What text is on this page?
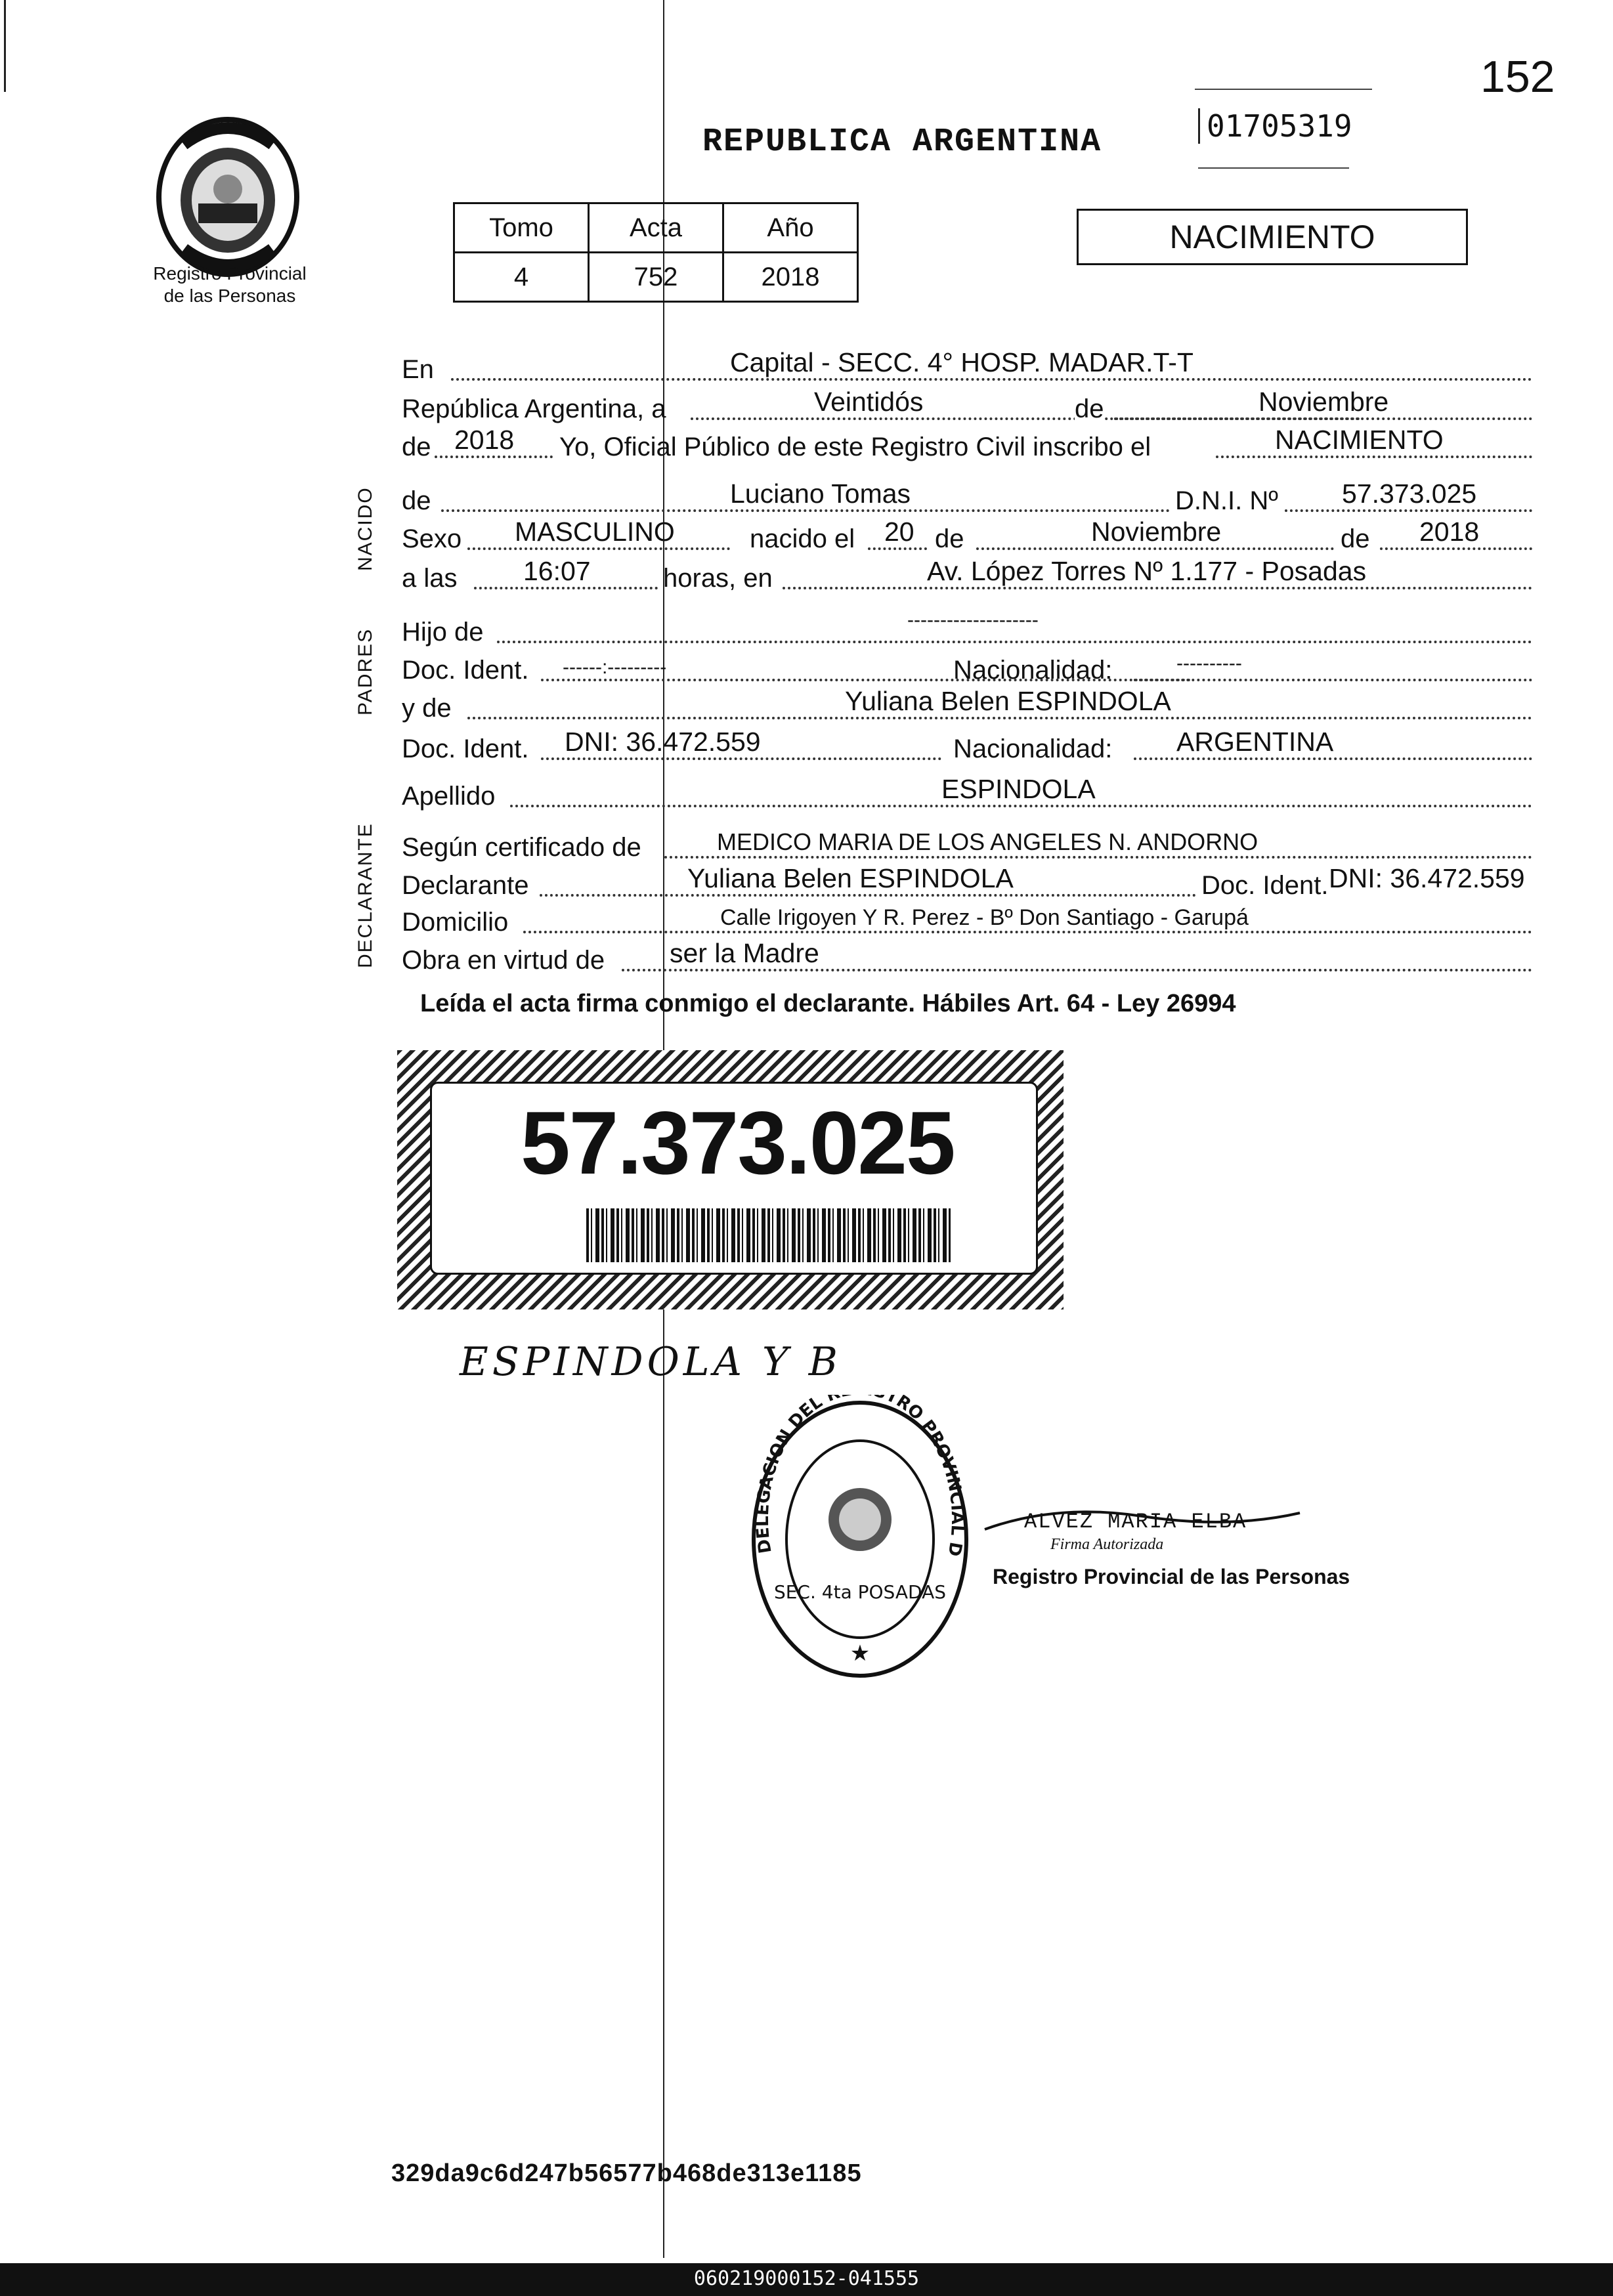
152
Registro Provincial
de las Personas
REPUBLICA ARGENTINA	01705319
Tomo	Acta	Año
4	752	2018
NACIMIENTO
En	Capital - SECC. 4° HOSP. MADAR.T-T
República Argentina, a	Veintidós	de	Noviembre
de 2018 Yo, Oficial Público de este Registro Civil inscribo el	NACIMIENTO
de	Luciano Tomas	D.N.I. Nº 57.373.025
Sexo MASCULINO	nacido el 20 de	Noviembre	de 2018
a las 16:07	horas, en	Av. López Torres Nº 1.177 - Posadas
Hijo de	--------------------
Doc. Ident. ------:---------	Nacionalidad:	----------
y de	Yuliana Belen ESPINDOLA
Doc. Ident. DNI: 36.472.559	Nacionalidad: ARGENTINA
Apellido	ESPINDOLA
Según certificado de	MEDICO MARIA DE LOS ANGELES N. ANDORNO
Declarante	Yuliana Belen ESPINDOLA	Doc. Ident. DNI: 36.472.559
Domicilio	Calle Irigoyen Y R. Perez - Bº Don Santiago - Garupá
Obra en virtud de ser la Madre
NACIDO
PADRES
DECLARANTE
Leída el acta firma conmigo el declarante. Hábiles Art. 64 - Ley 26994
57.373.025
ESPINDOLA Y B
DELEGACION DEL TRO PROVINCIAL D
SEC. 4ta POSADAS
★
ALVEZ MARIA ELBA
Firma Autorizada
Registro Provincial de las Personas
329da9c6d247b56577b468de313e1185
060219000152-041555
